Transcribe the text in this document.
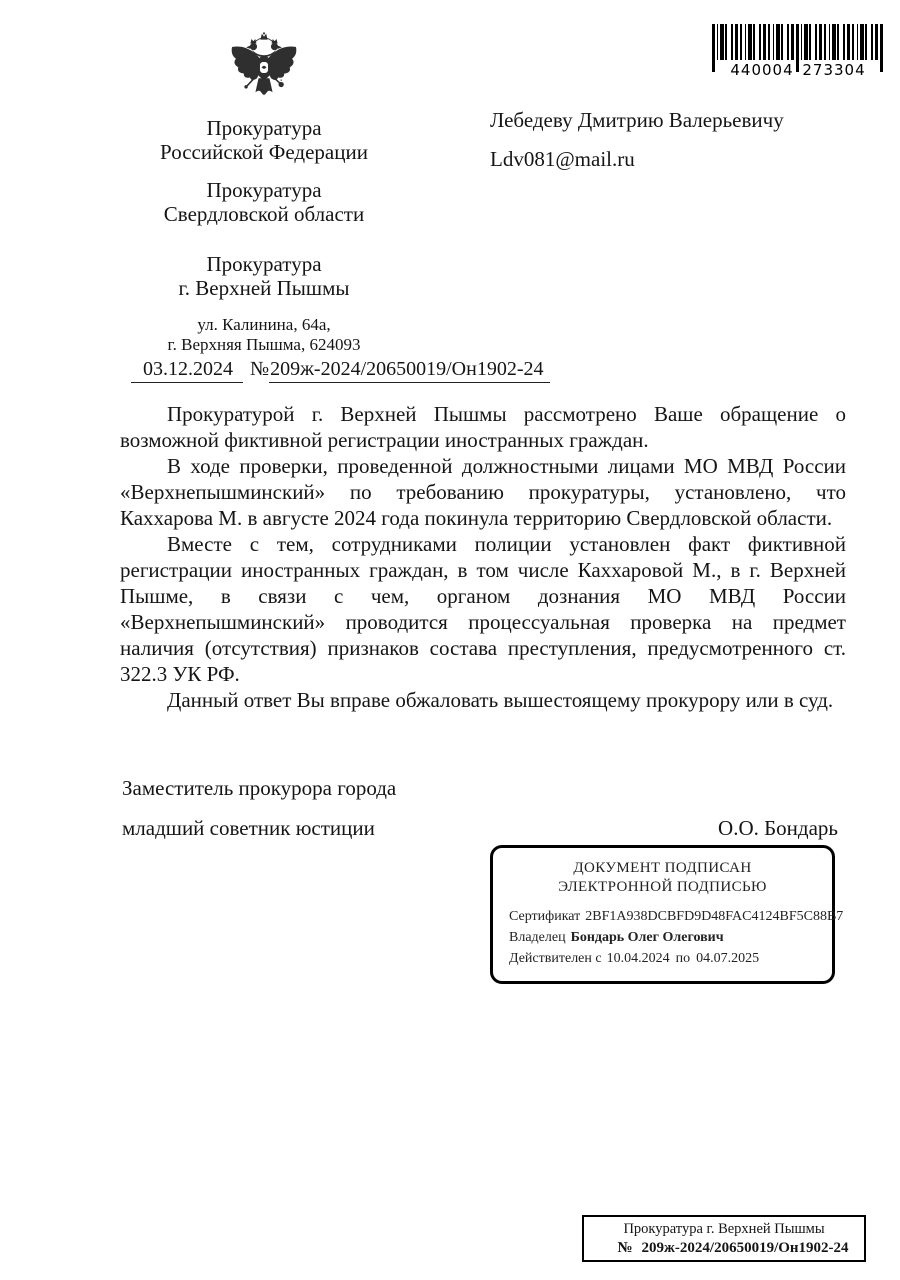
440004 273304
Прокуратура
Российской Федерации
Прокуратура
Свердловской области
Прокуратура
г. Верхней Пышмы
ул. Калинина, 64а,
г. Верхняя Пышма, 624093
Лебедеву Дмитрию Валерьевичу
Ldv081@mail.ru
03.12.2024 №209ж-2024/20650019/Он1902-24

Прокуратурой г. Верхней Пышмы рассмотрено Ваше обращение о возможной фиктивной регистрации иностранных граждан.

В ходе проверки, проведенной должностными лицами МО МВД России «Верхнепышминский» по требованию прокуратуры, установлено, что Каххарова М. в августе 2024 года покинула территорию Свердловской области.

Вместе с тем, сотрудниками полиции установлен факт фиктивной регистрации иностранных граждан, в том числе Каххаровой М., в г. Верхней Пышме, в связи с чем, органом дознания МО МВД России «Верхнепышминский» проводится процессуальная проверка на предмет наличия (отсутствия) признаков состава преступления, предусмотренного ст. 322.3 УК РФ.

Данный ответ Вы вправе обжаловать вышестоящему прокурору или в суд.

Заместитель прокурора города
младший советник юстиции	О.О. Бондарь
ДОКУМЕНТ ПОДПИСАН
ЭЛЕКТРОННОЙ ПОДПИСЬЮ
Сертификат 2BF1A938DCBFD9D48FAC4124BF5C88B7
Владелец Бондарь Олег Олегович
Действителен с 10.04.2024 по 04.07.2025
Прокуратура г. Верхней Пышмы
№ 209ж-2024/20650019/Он1902-24
